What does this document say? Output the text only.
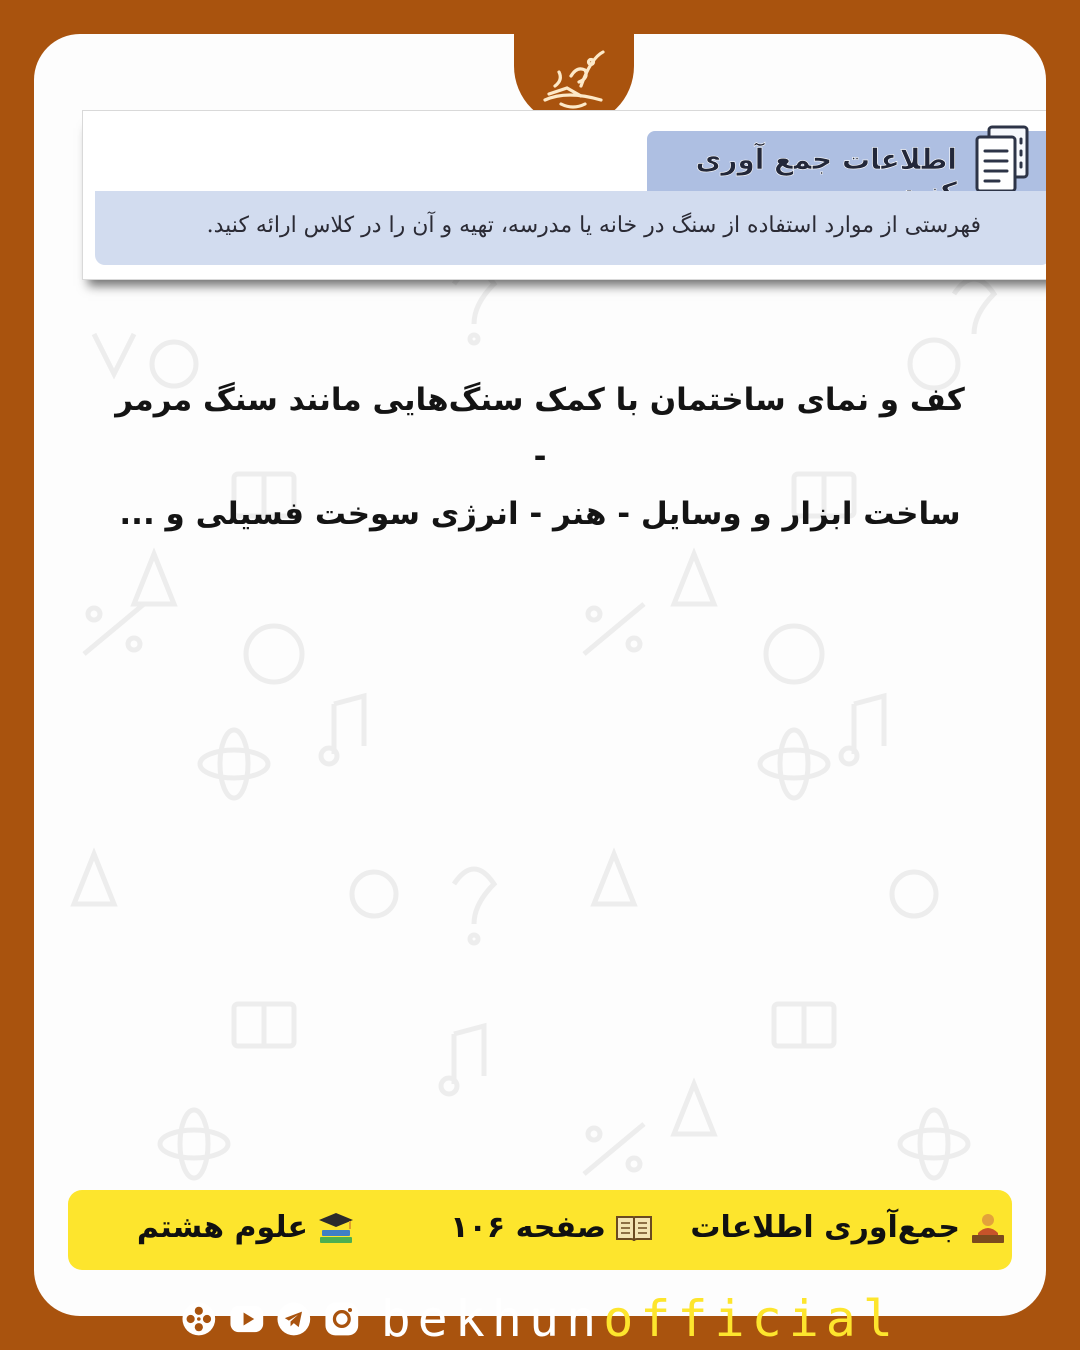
اطلاعات جمع آوری
فهرستی از موارد استفاده از سنگ در خانه یا مدرسه، تهیه و آن را در کلاس ارائه کنید.
کف و نمای ساختمان با کمک سنگ‌هایی مانند سنگ مرمر -
ساخت ابزار و وسایل - هنر - انرژی سوخت فسیلی و ...
جمع‌آوری اطلاعات
صفحه ۱۰۶
علوم هشتم
bekhunofficial
